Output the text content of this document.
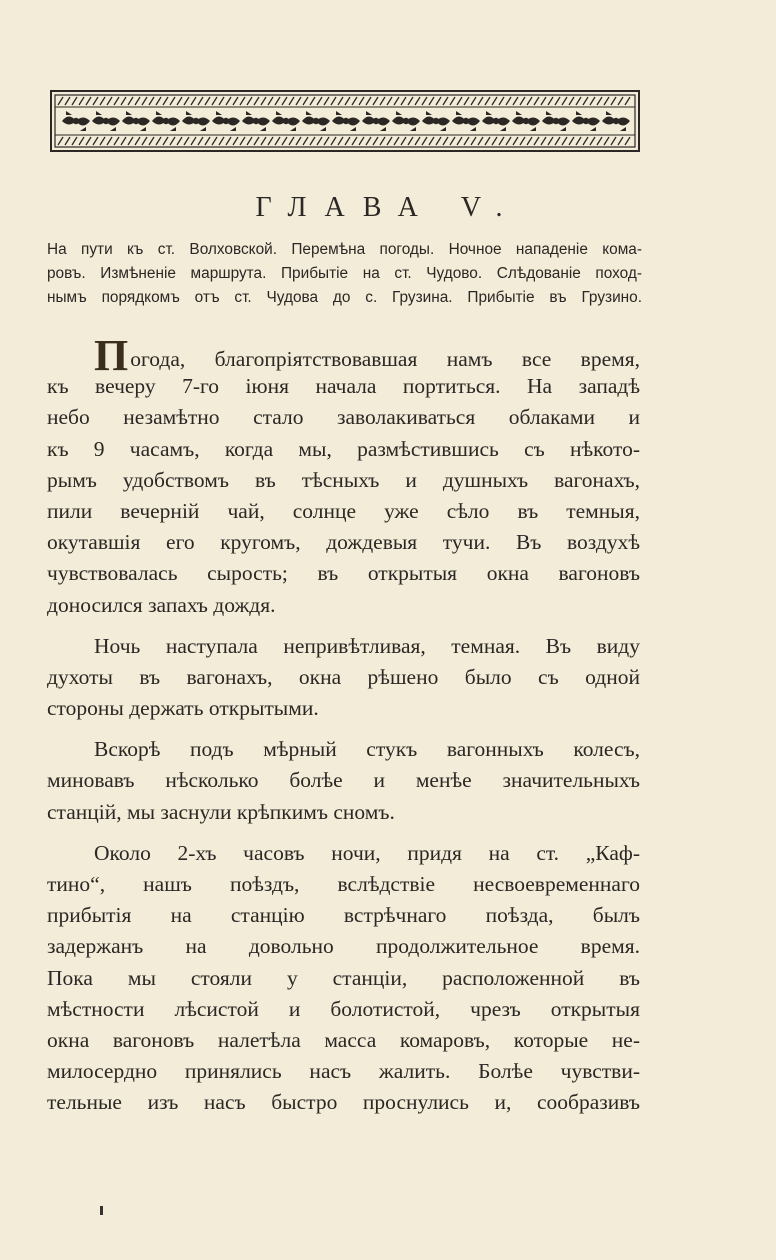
ГЛАВА V.
На пути къ ст. Волховской. Перемѣна погоды. Ночное нападеніе кома-
ровъ. Измѣненіе маршрута. Прибытіе на ст. Чудово. Слѣдованіе поход-
нымъ порядкомъ отъ ст. Чудова до с. Грузина. Прибытіе въ Грузино.
Погода, благопріятствовавшая намъ все время,
къ вечеру 7-го іюня начала портиться. На западѣ
небо незамѣтно стало заволакиваться облаками и
къ 9 часамъ, когда мы, размѣстившись съ нѣкото-
рымъ удобствомъ въ тѣсныхъ и душныхъ вагонахъ,
пили вечерній чай, солнце уже сѣло въ темныя,
окутавшія его кругомъ, дождевыя тучи. Въ воздухѣ
чувствовалась сырость; въ открытыя окна вагоновъ
доносился запахъ дождя.
Ночь наступала непривѣтливая, темная. Въ виду
духоты въ вагонахъ, окна рѣшено было съ одной
стороны держать открытыми.
Вскорѣ подъ мѣрный стукъ вагонныхъ колесъ,
миновавъ нѣсколько болѣе и менѣе значительныхъ
станцій, мы заснули крѣпкимъ сномъ.
Около 2-хъ часовъ ночи, придя на ст. „Каф-
тино“, нашъ поѣздъ, вслѣдствіе несвоевременнаго
прибытія на станцію встрѣчнаго поѣзда, былъ
задержанъ на довольно продолжительное время.
Пока мы стояли у станціи, расположенной въ
мѣстности лѣсистой и болотистой, чрезъ открытыя
окна вагоновъ налетѣла масса комаровъ, которые не-
милосердно принялись насъ жалить. Болѣе чувстви-
тельные изъ насъ быстро проснулись и, сообразивъ
